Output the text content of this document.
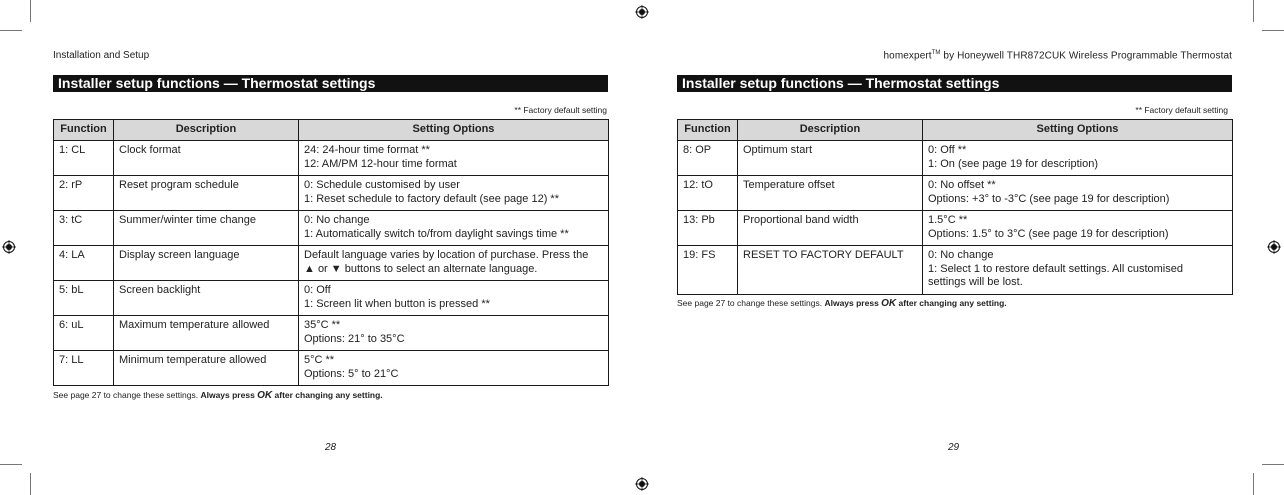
Installation and Setup
Installer setup functions — Thermostat settings
** Factory default setting
Function	Description	Setting Options
1: CL	Clock format	24: 24-hour time format **
12: AM/PM 12-hour time format

2: rP	Reset program schedule	0: Schedule customised by user
1: Reset schedule to factory default (see page 12) **

3: tC	Summer/winter time change	0: No change
1: Automatically switch to/from daylight savings time **

4: LA	Display screen language	Default language varies by location of purchase. Press the
▲ or ▼ buttons to select an alternate language.

5: bL	Screen backlight	0: Off
1: Screen lit when button is pressed **

6: uL	Maximum temperature allowed	35°C **
Options: 21° to 35°C

7: LL	Minimum temperature allowed	5°C **
Options: 5° to 21°C
See page 27 to change these settings. Always press OK after changing any setting.
28
homexpert™ by Honeywell THR872CUK Wireless Programmable Thermostat
Installer setup functions — Thermostat settings
** Factory default setting
Function	Description	Setting Options
8: OP	Optimum start	0: Off **
1: On (see page 19 for description)

12: tO	Temperature offset	0: No offset **
Options: +3° to -3°C (see page 19 for description)

13: Pb	Proportional band width	1.5°C **
Options: 1.5° to 3°C (see page 19 for description)

19: FS	RESET TO FACTORY DEFAULT	0: No change
1: Select 1 to restore default settings. All customised
settings will be lost.
See page 27 to change these settings. Always press OK after changing any setting.
29
